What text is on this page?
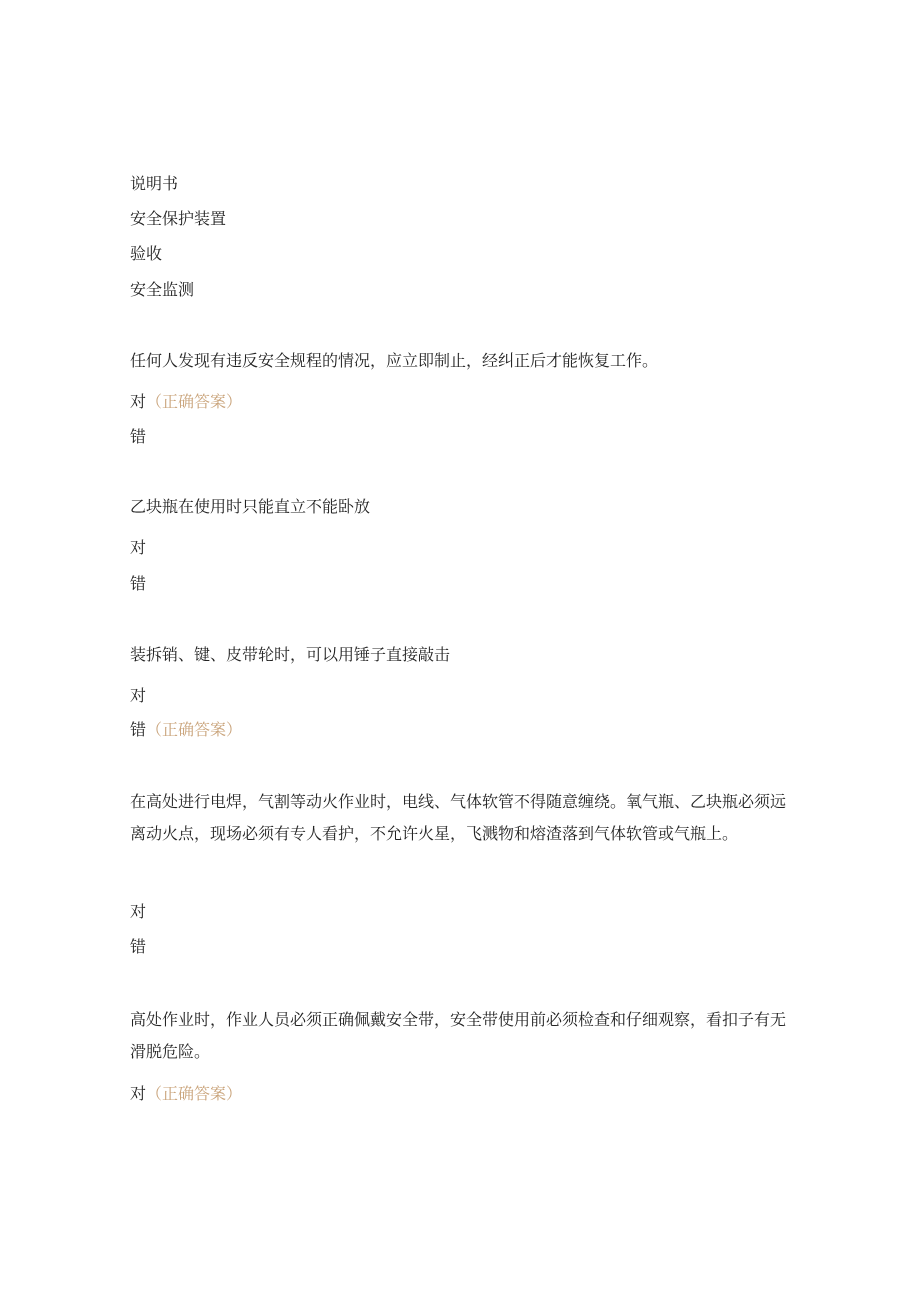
说明书
安全保护装置
验收
安全监测
任何人发现有违反安全规程的情况，应立即制止，经纠正后才能恢复工作。
对（正确答案）
错
乙块瓶在使用时只能直立不能卧放
对
错
装拆销、键、皮带轮时，可以用锤子直接敲击
对
错（正确答案）
在高处进行电焊，气割等动火作业时，电线、气体软管不得随意缠绕。氧气瓶、乙块瓶必须远离动火点，现场必须有专人看护，不允许火星，飞溅物和熔渣落到气体软管或气瓶上。
对
错
高处作业时，作业人员必须正确佩戴安全带，安全带使用前必须检查和仔细观察，看扣子有无滑脱危险。
对（正确答案）
